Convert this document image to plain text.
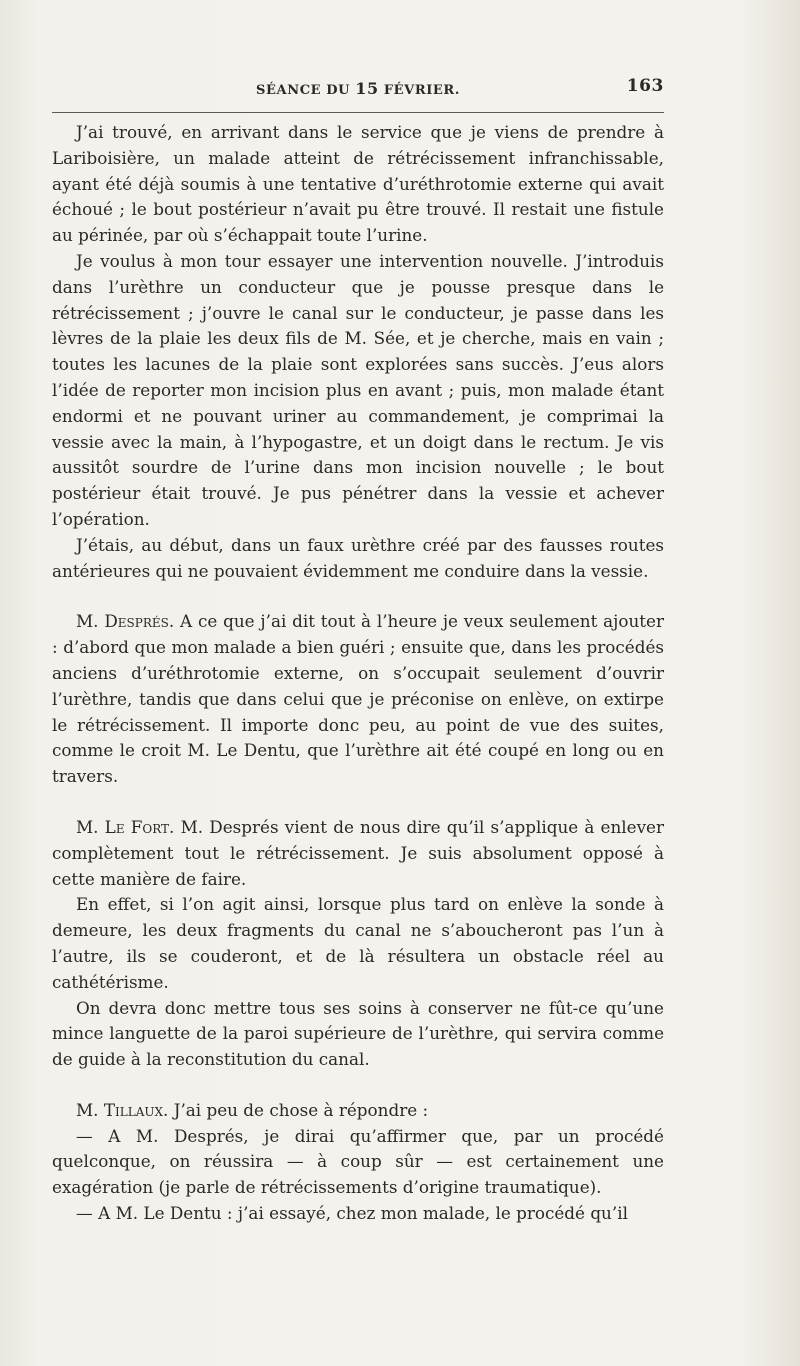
SÉANCE DU 15 FÉVRIER.	163

J’ai trouvé, en arrivant dans le service que je viens de prendre à Lariboisière, un malade atteint de rétrécissement infranchissable, ayant été déjà soumis à une tentative d’uréthrotomie externe qui avait échoué ; le bout postérieur n’avait pu être trouvé. Il restait une fistule au périnée, par où s’échappait toute l’urine.

Je voulus à mon tour essayer une intervention nouvelle. J’introduis dans l’urèthre un conducteur que je pousse presque dans le rétrécissement ; j’ouvre le canal sur le conducteur, je passe dans les lèvres de la plaie les deux fils de M. Sée, et je cherche, mais en vain ; toutes les lacunes de la plaie sont explorées sans succès. J’eus alors l’idée de reporter mon incision plus en avant ; puis, mon malade étant endormi et ne pouvant uriner au commandement, je comprimai la vessie avec la main, à l’hypogastre, et un doigt dans le rectum. Je vis aussitôt sourdre de l’urine dans mon incision nouvelle ; le bout postérieur était trouvé. Je pus pénétrer dans la vessie et achever l’opération.

J’étais, au début, dans un faux urèthre créé par des fausses routes antérieures qui ne pouvaient évidemment me conduire dans la vessie.

M. Després. A ce que j’ai dit tout à l’heure je veux seulement ajouter : d’abord que mon malade a bien guéri ; ensuite que, dans les procédés anciens d’uréthrotomie externe, on s’occupait seulement d’ouvrir l’urèthre, tandis que dans celui que je préconise on enlève, on extirpe le rétrécissement. Il importe donc peu, au point de vue des suites, comme le croit M. Le Dentu, que l’urèthre ait été coupé en long ou en travers.

M. Le Fort. M. Després vient de nous dire qu’il s’applique à enlever complètement tout le rétrécissement. Je suis absolument opposé à cette manière de faire.

En effet, si l’on agit ainsi, lorsque plus tard on enlève la sonde à demeure, les deux fragments du canal ne s’aboucheront pas l’un à l’autre, ils se couderont, et de là résultera un obstacle réel au cathétérisme.

On devra donc mettre tous ses soins à conserver ne fût-ce qu’une mince languette de la paroi supérieure de l’urèthre, qui servira comme de guide à la reconstitution du canal.

M. Tillaux. J’ai peu de chose à répondre :

— A M. Després, je dirai qu’affirmer que, par un procédé quelconque, on réussira — à coup sûr — est certainement une exagération (je parle de rétrécissements d’origine traumatique).

— A M. Le Dentu : j’ai essayé, chez mon malade, le procédé qu’il
